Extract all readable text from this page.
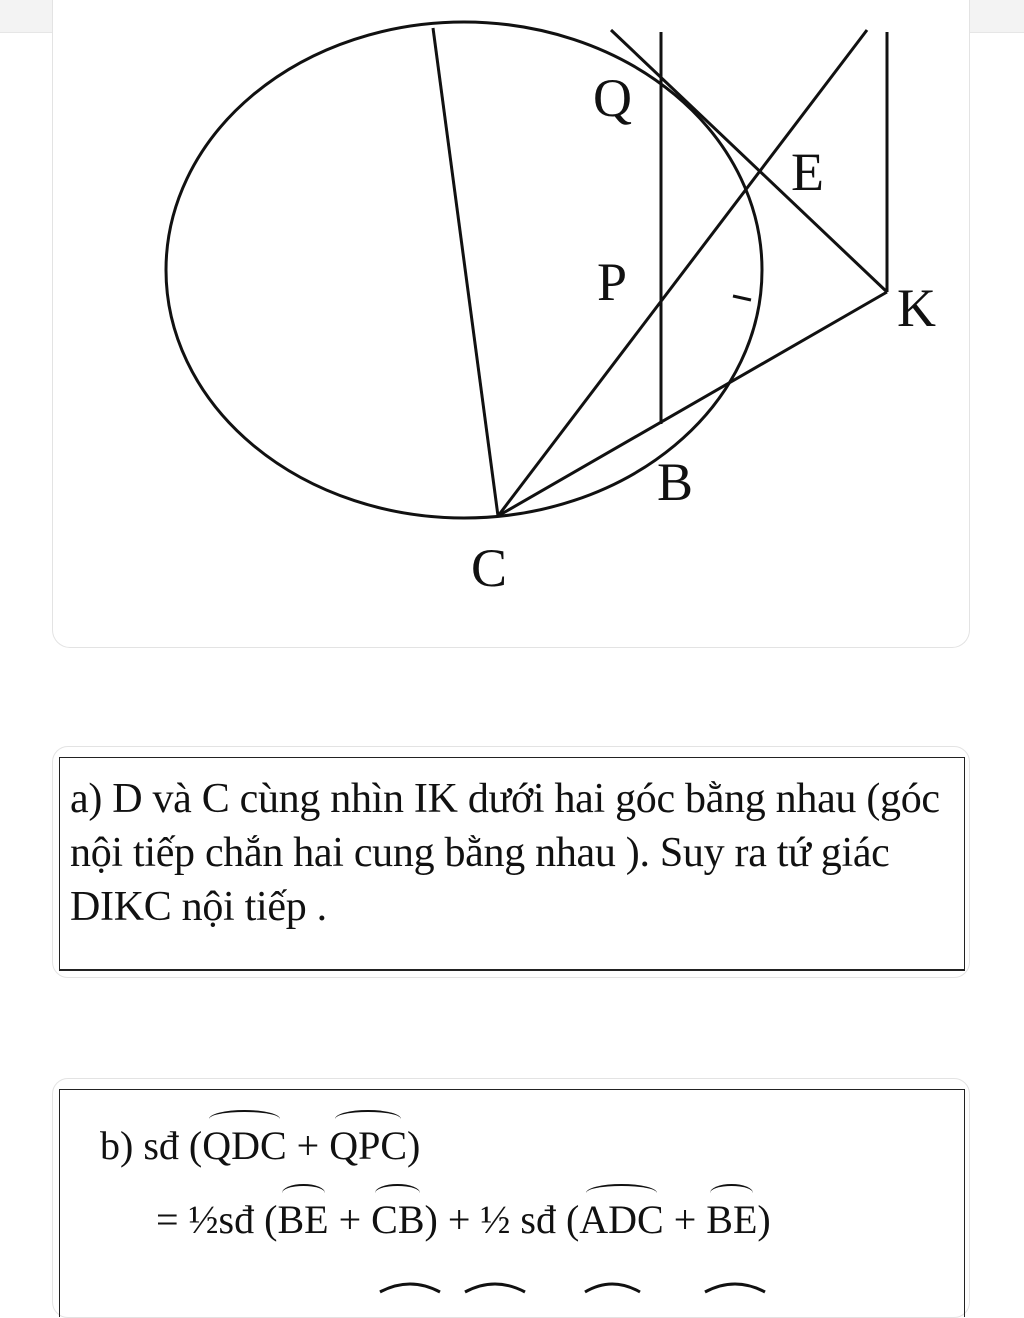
Q
E
P	K
B
C
a) D và C cùng nhìn IK dưới hai góc bằng nhau (góc nội tiếp chắn hai cung bằng nhau ). Suy ra tứ giác DIKC nội tiếp .
b) sđ (QDC + QPC)
= ½sđ (BE + CB) + ½ sđ (ADC + BE)
